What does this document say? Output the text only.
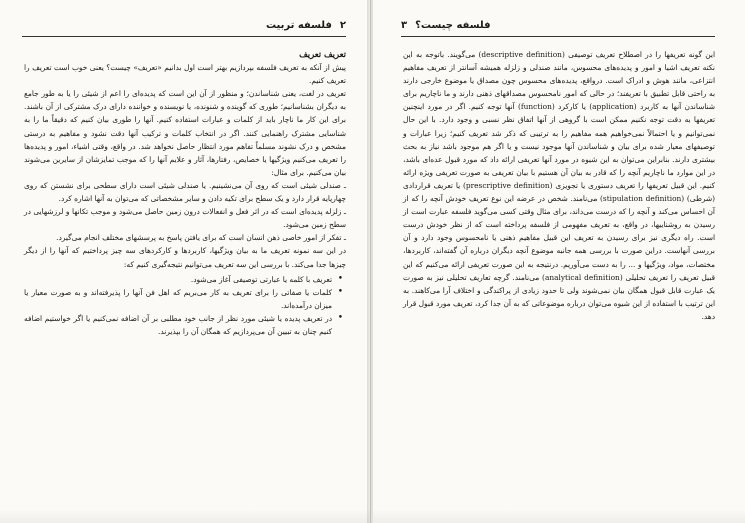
۲
فلسفه تربیت

تعریف تعریف

پیش از آنکه به تعریف فلسفه بپردازیم بهتر است اول بدانیم «تعریف» چیست؟ یعنی خوب است تعریف را تعریف کنیم.

تعریف در لغت، یعنی شناساندن؛ و منظور از آن این است که پدیده‌ای را اعم از شیئی را یا به طور جامع به دیگران بشناسانیم؛ طوری که گوینده و شنونده، یا نویسنده و خواننده دارای درک مشترکی از آن باشند. برای این کار ما ناچار باید از کلمات و عبارات استفاده کنیم. آنها را طوری بیان کنیم که دقیقاً ما را به شناسایی مشترک راهنمایی کنند. اگر در انتخاب کلمات و ترکیب آنها دقت نشود و مفاهیم به درستی مشخص و درک نشوند مسلماً تفاهم مورد انتظار حاصل نخواهد شد. در واقع، وقتی اشیاء، امور و پدیده‌ها را تعریف می‌کنیم ویژگیها یا خصایص، رفتارها، آثار و علایم آنها را که موجب تمایزشان از سایرین می‌شوند بیان می‌کنیم. برای مثال:

ـ صندلی شیئی است که روی آن می‌نشینیم. یا صندلی شیئی است دارای سطحی برای نشستن که روی چهارپایه قرار دارد و یک سطح برای تکیه دادن و سایر مشخصاتی که می‌توان به آنها اشاره کرد.

ـ زلزله پدیده‌ای است که در اثر فعل و انفعالات درون زمین حاصل می‌شود و موجب تکانها و لرزشهایی در سطح زمین می‌شود.

ـ تفکر از امور خاصی ذهن انسان است که برای یافتن پاسخ به پرسشهای مختلف انجام می‌گیرد.

در این سه نمونه تعریف ما به بیان ویژگیها، کاربردها و کارکردهای سه چیز پرداختیم که آنها را از دیگر چیزها جدا می‌کند. با بررسی این سه تعریف می‌توانیم نتیجه‌گیری کنیم که:

• تعریف با کلمه یا عبارتی توصیفی آغاز می‌شود.
• کلمات یا صفاتی را برای تعریف به کار می‌بریم که اهل فن آنها را پذیرفته‌اند و به صورت معیار یا میزان درآمده‌اند.
• در تعریف پدیده یا شیئی مورد نظر از جانب خود مطلبی بر آن اضافه نمی‌کنیم یا اگر خواستیم اضافه کنیم چنان به تبیین آن می‌پردازیم که همگان آن را بپذیرند.
فلسفه چیست؟
۳

این گونه تعریفها را در اصطلاح تعریف توصیفی (descriptive definition) می‌گویند. باتوجه به این نکته تعریف اشیا و امور و پدیده‌های محسوس، مانند صندلی و زلزله همیشه آسانتر از تعریف مفاهیم انتزاعی، مانند هوش و ادراک است. درواقع، پدیده‌های محسوس چون مصداق یا موضوع خارجی دارند به راحتی قابل تطبیق با تعریفند؛ در حالی که امور نامحسوس مصداقهای ذهنی دارند و ما ناچاریم برای شناساندن آنها به کاربرد (application) یا کارکرد (function) آنها توجه کنیم. اگر در مورد اینچنین تعریفها به دقت توجه نکنیم ممکن است با گروهی از آنها اتفاق نظر نسبی و وجود دارد. با این حال نمی‌توانیم و یا احتمالاً نمی‌خواهیم همه مفاهیم را به ترتیبی که ذکر شد تعریف کنیم؛ زیرا عبارات و توصیفهای معیار شده برای بیان و شناساندن آنها موجود نیست و یا اگر هم موجود باشد نیاز به بحث بیشتری دارند. بنابراین می‌توان به این شیوه در مورد آنها تعریفی ارائه داد که مورد قبول عده‌ای باشد، در این موارد ما ناچاریم آنچه را که قادر به بیان آن هستیم با بیان تعریفی به صورت تعریفی ویژه ارائه کنیم. این قبیل تعریفها را تعریف دستوری یا تجویزی (prescriptive definition) یا تعریف قراردادی (شرطی) (stipulation definition) می‌نامند. شخص در عرضه این نوع تعریف خودش آنچه را که از آن احساس می‌کند و آنچه را که درست می‌داند، برای مثال وقتی کسی می‌گوید فلسفه عبارت است از رسیدن به روشناییها، در واقع، به تعریف مفهومی از فلسفه پرداخته است که از نظر خودش درست است. راه دیگری نیز برای رسیدن به تعریف این قبیل مفاهیم ذهنی یا نامحسوس وجود دارد و آن بررسی آنهاست. دراین صورت با بررسی همه جانبه موضوع آنچه دیگران درباره آن گفته‌اند، کاربردها، مختصات، مواد، ویژگیها و ... را به دست می‌آوریم. درنتیجه به این صورت تعریفی ارائه می‌کنیم که این قبیل تعریف را تعریف تحلیلی (analytical definition) می‌نامند. گرچه تعاریف تحلیلی نیز به صورت یک عبارت قابل قبول همگان بیان نمی‌شوند ولی تا حدود زیادی از پراکندگی و اختلاف آرا می‌کاهند. به این ترتیب با استفاده از این شیوه می‌توان درباره موضوعاتی که به آن جدا کرد، تعریف مورد قبول قرار دهد.
